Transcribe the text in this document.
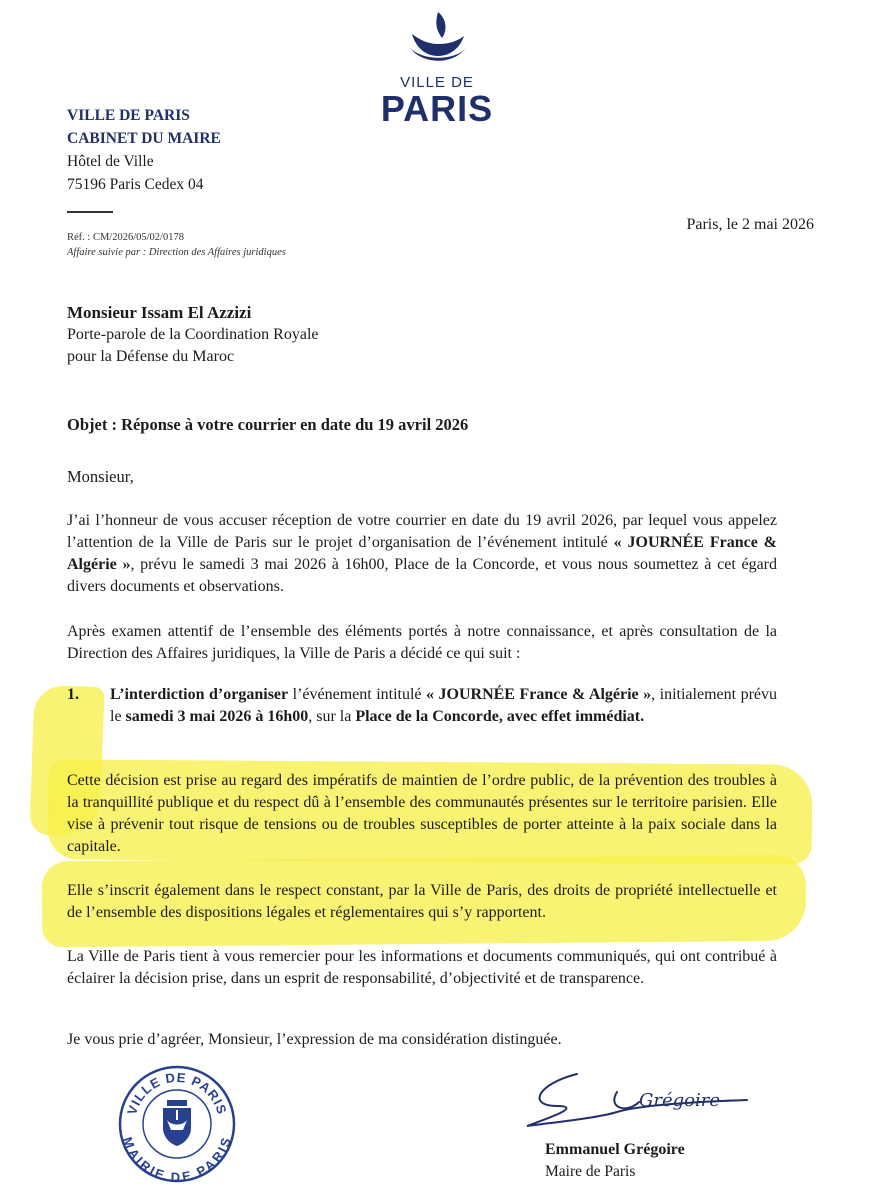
VILLE DE
PARIS
VILLE DE PARIS
CABINET DU MAIRE
Hôtel de Ville
75196 Paris Cedex 04
Réf. : CM/2026/05/02/0178
Affaire suivie par : Direction des Affaires juridiques
Paris, le 2 mai 2026
Monsieur Issam El Azzizi
Porte-parole de la Coordination Royale
pour la Défense du Maroc
Objet : Réponse à votre courrier en date du 19 avril 2026
Monsieur,

J’ai l’honneur de vous accuser réception de votre courrier en date du 19 avril 2026, par lequel vous appelez l’attention de la Ville de Paris sur le projet d’organisation de l’événement intitulé « JOURNÉE France & Algérie », prévu le samedi 3 mai 2026 à 16h00, Place de la Concorde, et vous nous soumettez à cet égard divers documents et observations.

Après examen attentif de l’ensemble des éléments portés à notre connaissance, et après consultation de la Direction des Affaires juridiques, la Ville de Paris a décidé ce qui suit :

1.	L’interdiction d’organiser l’événement intitulé « JOURNÉE France & Algérie », initialement prévu le samedi 3 mai 2026 à 16h00, sur la Place de la Concorde, avec effet immédiat.

Cette décision est prise au regard des impératifs de maintien de l’ordre public, de la prévention des troubles à la tranquillité publique et du respect dû à l’ensemble des communautés présentes sur le territoire parisien. Elle vise à prévenir tout risque de tensions ou de troubles susceptibles de porter atteinte à la paix sociale dans la capitale.

Elle s’inscrit également dans le respect constant, par la Ville de Paris, des droits de propriété intellectuelle et de l’ensemble des dispositions légales et réglementaires qui s’y rapportent.

La Ville de Paris tient à vous remercier pour les informations et documents communiqués, qui ont contribué à éclairer la décision prise, dans un esprit de responsabilité, d’objectivité et de transparence.

Je vous prie d’agréer, Monsieur, l’expression de ma considération distinguée.
VILLE DE PARIS
MAIRIE DE PARIS
Grégoire
Emmanuel Grégoire
Maire de Paris
